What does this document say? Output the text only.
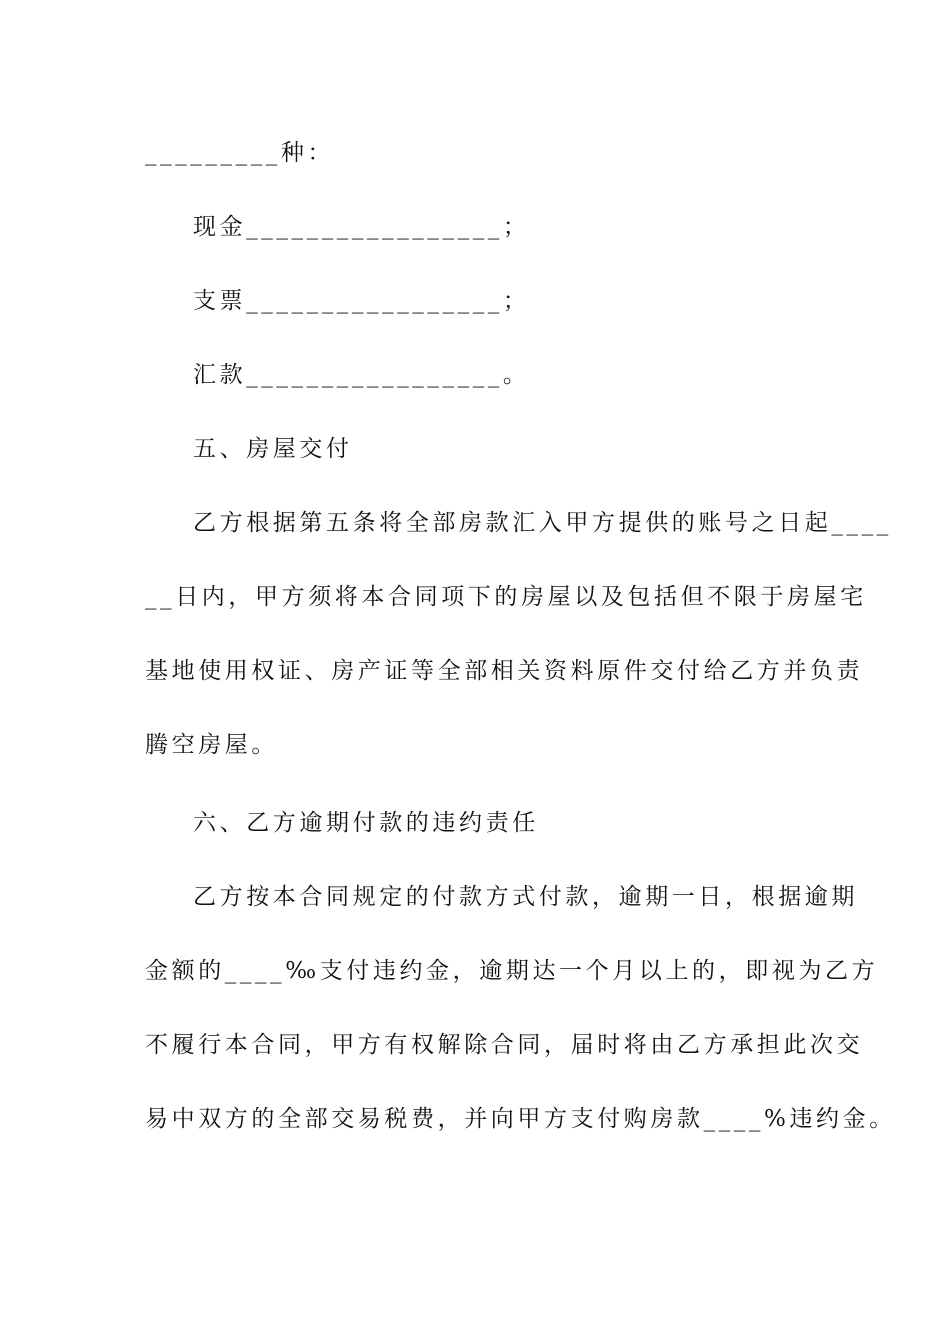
_________种：
现金_________________；
支票_________________；
汇款_________________。
五、房屋交付
乙方根据第五条将全部房款汇入甲方提供的账号之日起____
__日内，甲方须将本合同项下的房屋以及包括但不限于房屋宅
基地使用权证、房产证等全部相关资料原件交付给乙方并负责
腾空房屋。
六、乙方逾期付款的违约责任
乙方按本合同规定的付款方式付款，逾期一日，根据逾期
金额的____‰支付违约金，逾期达一个月以上的，即视为乙方
不履行本合同，甲方有权解除合同，届时将由乙方承担此次交
易中双方的全部交易税费，并向甲方支付购房款____%违约金。
